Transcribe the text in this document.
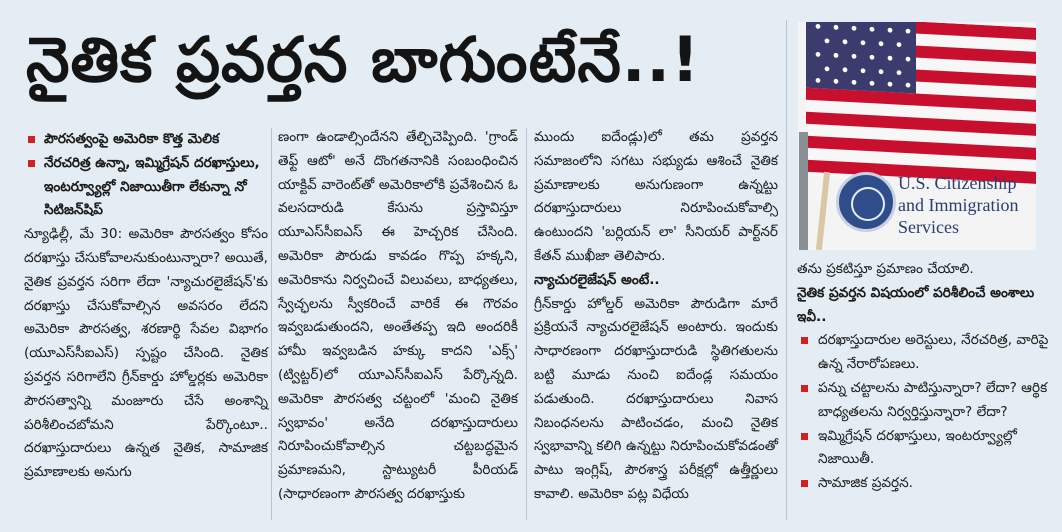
నైతిక ప్రవర్తన బాగుంటేనే..!
పౌరసత్వంపై అమెరికా కొత్త మెలిక
నేరచరిత్ర ఉన్నా, ఇమ్మిగ్రేషన్ దరఖాస్తులు, ఇంటర్వ్యూల్లో నిజాయితీగా లేకున్నా నో సిటిజన్‌షిప్

న్యూఢిల్లీ, మే 30: అమెరికా పౌరసత్వం కోసం దరఖాస్తు చేసుకోవాలనుకుంటున్నారా? అయితే, నైతిక ప్రవర్తన సరిగా లేదా 'న్యాచురలైజేషన్'కు దరఖాస్తు చేసుకోవాల్సిన అవసరం లేదని అమెరికా పౌరసత్వ, శరణార్థి సేవల విభాగం (యూఎస్‌సీఐఎస్) స్పష్టం చేసింది. నైతిక ప్రవర్తన సరిగాలేని గ్రీన్‌కార్డు హోల్డర్లకు అమెరికా పౌరసత్వాన్ని మంజూరు చేసే అంశాన్ని పరిశీలించబోమని పేర్కొంటూ.. దరఖాస్తుదారులు ఉన్నత నైతిక, సామాజిక ప్రమాణాలకు అనుగు

ణంగా ఉండాల్సిందేనని తేల్చిచెప్పింది. 'గ్రాండ్ తెఫ్ట్ ఆటో' అనే దొంగతనానికి సంబంధించిన యాక్టివ్ వారెంట్‌తో అమెరికాలోకి ప్రవేశించిన ఓ వలసదారుడి కేసును ప్రస్తావిస్తూ యూఎస్‌సీఐఎస్ ఈ హెచ్చరిక చేసింది. అమెరికా పౌరుడు కావడం గొప్ప హక్కని, అమెరికాను నిర్వచించే విలువలు, బాధ్యతలు, స్వేచ్ఛలను స్వీకరించే వారికే ఈ గౌరవం ఇవ్వబడుతుందని, అంతేతప్ప ఇది అందరికీ హామీ ఇవ్వబడిన హక్కు కాదని 'ఎక్స్' (ట్విట్టర్)లో యూఎస్‌సీఐఎస్ పేర్కొన్నది. అమెరికా పౌరసత్వ చట్టంలో 'మంచి నైతిక స్వభావం' అనేది దరఖాస్తుదారులు నిరూపించుకోవాల్సిన చట్టబద్ధమైన ప్రమాణమని, స్టాట్యుటరీ పీరియడ్ (సాధారణంగా పౌరసత్వ దరఖాస్తుకు

ముందు ఐదేండ్లు)లో తమ ప్రవర్తన సమాజంలోని సగటు సభ్యుడు ఆశించే నైతిక ప్రమాణాలకు అనుగుణంగా ఉన్నట్టు దరఖాస్తుదారులు నిరూపించుకోవాల్సి ఉంటుందని 'బర్లియన్ లా' సీనియర్ పార్ట్‌నర్ కేతన్ ముఖీజా తెలిపారు.

న్యాచురలైజేషన్ అంటే..

గ్రీన్‌కార్డు హోల్డర్ అమెరికా పౌరుడిగా మారే ప్రక్రియనే న్యాచురలైజేషన్ అంటారు. ఇందుకు సాధారణంగా దరఖాస్తుదారుడి స్థితిగతులను బట్టి మూడు నుంచి ఐదేండ్ల సమయం పడుతుంది. దరఖాస్తుదారులు నివాస నిబంధనలను పాటించడం, మంచి నైతిక స్వభావాన్ని కలిగి ఉన్నట్టు నిరూపించుకోవడంతో పాటు ఇంగ్లిష్, పౌరశాస్త్ర పరీక్షల్లో ఉత్తీర్ణులు కావాలి. అమెరికా పట్ల విధేయ

U.S. Citizenship and Immigration Services

తను ప్రకటిస్తూ ప్రమాణం చేయాలి.

నైతిక ప్రవర్తన విషయంలో పరిశీలించే అంశాలు ఇవీ..
దరఖాస్తుదారుల అరెస్టులు, నేరచరిత్ర, వారిపై ఉన్న నేరారోపణలు.
పన్ను చట్టాలను పాటిస్తున్నారా? లేదా? ఆర్థిక బాధ్యతలను నిర్వర్తిస్తున్నారా? లేదా?
ఇమ్మిగ్రేషన్ దరఖాస్తులు, ఇంటర్వ్యూల్లో నిజాయితీ.
సామాజిక ప్రవర్తన.
